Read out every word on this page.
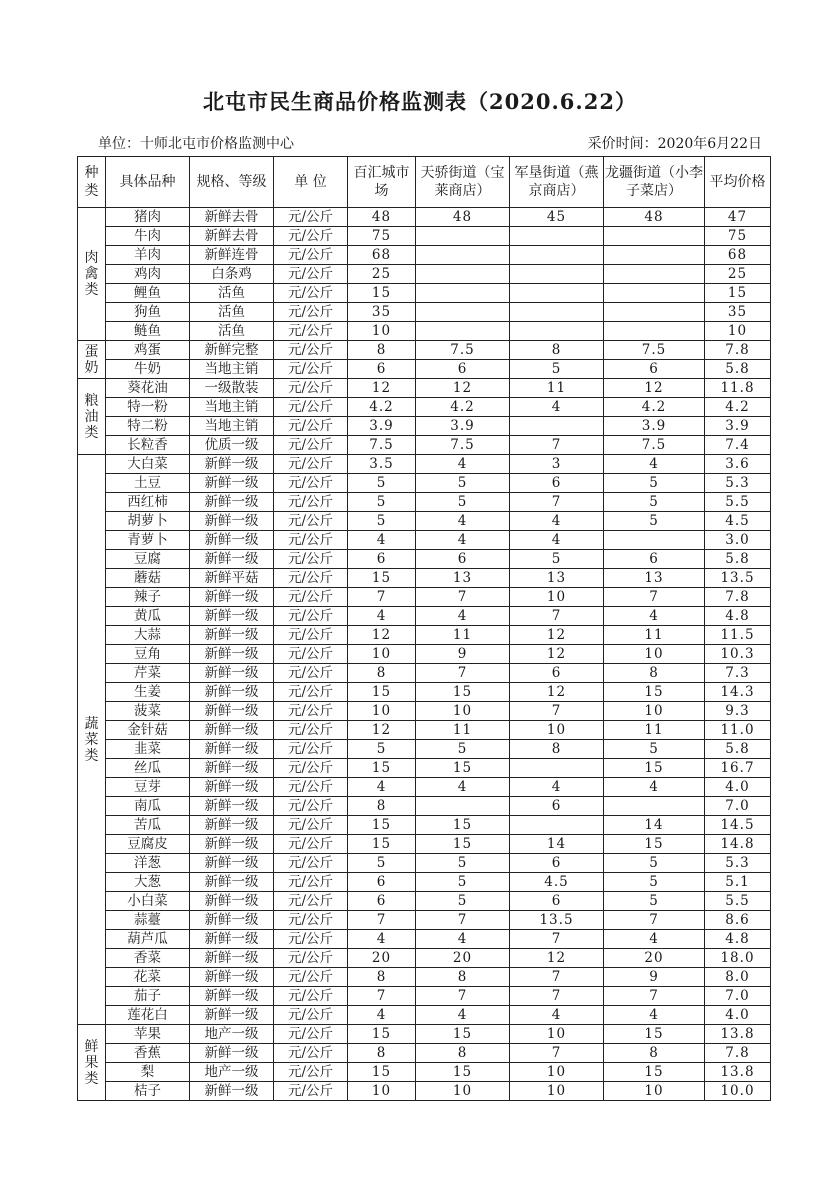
北屯市民生商品价格监测表（2020.6.22）
单位：十师北屯市价格监测中心	采价时间：2020年6月22日
种类	具体品种	规格、等级	单 位	百汇城市场	天骄街道（宝莱商店）	军垦街道（燕京商店）	龙疆街道（小李子菜店）	平均价格
肉
禽
类	猪肉	新鲜去骨	元/公斤	48	48	45	48	47
	牛肉	新鲜去骨	元/公斤	75				75
	羊肉	新鲜连骨	元/公斤	68				68
	鸡肉	白条鸡	元/公斤	25				25
	鲤鱼	活鱼	元/公斤	15				15
	狗鱼	活鱼	元/公斤	35				35
	鲢鱼	活鱼	元/公斤	10				10
蛋
奶	鸡蛋	新鲜完整	元/公斤	8	7.5	8	7.5	7.8
	牛奶	当地主销	元/公斤	6	6	5	6	5.8
粮
油
类	葵花油	一级散装	元/公斤	12	12	11	12	11.8
	特一粉	当地主销	元/公斤	4.2	4.2	4	4.2	4.2
	特二粉	当地主销	元/公斤	3.9	3.9		3.9	3.9
	长粒香	优质一级	元/公斤	7.5	7.5	7	7.5	7.4
蔬
菜
类	大白菜	新鲜一级	元/公斤	3.5	4	3	4	3.6
	土豆	新鲜一级	元/公斤	5	5	6	5	5.3
	西红柿	新鲜一级	元/公斤	5	5	7	5	5.5
	胡萝卜	新鲜一级	元/公斤	5	4	4	5	4.5
	青萝卜	新鲜一级	元/公斤	4	4	4		3.0
	豆腐	新鲜一级	元/公斤	6	6	5	6	5.8
	蘑菇	新鲜平菇	元/公斤	15	13	13	13	13.5
	辣子	新鲜一级	元/公斤	7	7	10	7	7.8
	黄瓜	新鲜一级	元/公斤	4	4	7	4	4.8
	大蒜	新鲜一级	元/公斤	12	11	12	11	11.5
	豆角	新鲜一级	元/公斤	10	9	12	10	10.3
	芹菜	新鲜一级	元/公斤	8	7	6	8	7.3
	生姜	新鲜一级	元/公斤	15	15	12	15	14.3
	菠菜	新鲜一级	元/公斤	10	10	7	10	9.3
	金针菇	新鲜一级	元/公斤	12	11	10	11	11.0
	韭菜	新鲜一级	元/公斤	5	5	8	5	5.8
	丝瓜	新鲜一级	元/公斤	15	15		15	16.7
	豆芽	新鲜一级	元/公斤	4	4	4	4	4.0
	南瓜	新鲜一级	元/公斤	8		6		7.0
	苦瓜	新鲜一级	元/公斤	15	15		14	14.5
	豆腐皮	新鲜一级	元/公斤	15	15	14	15	14.8
	洋葱	新鲜一级	元/公斤	5	5	6	5	5.3
	大葱	新鲜一级	元/公斤	6	5	4.5	5	5.1
	小白菜	新鲜一级	元/公斤	6	5	6	5	5.5
	蒜薹	新鲜一级	元/公斤	7	7	13.5	7	8.6
	葫芦瓜	新鲜一级	元/公斤	4	4	7	4	4.8
	香菜	新鲜一级	元/公斤	20	20	12	20	18.0
	花菜	新鲜一级	元/公斤	8	8	7	9	8.0
	茄子	新鲜一级	元/公斤	7	7	7	7	7.0
	莲花白	新鲜一级	元/公斤	4	4	4	4	4.0
鲜
果
类	苹果	地产一级	元/公斤	15	15	10	15	13.8
	香蕉	新鲜一级	元/公斤	8	8	7	8	7.8
	梨	地产一级	元/公斤	15	15	10	15	13.8
	桔子	新鲜一级	元/公斤	10	10	10	10	10.0
